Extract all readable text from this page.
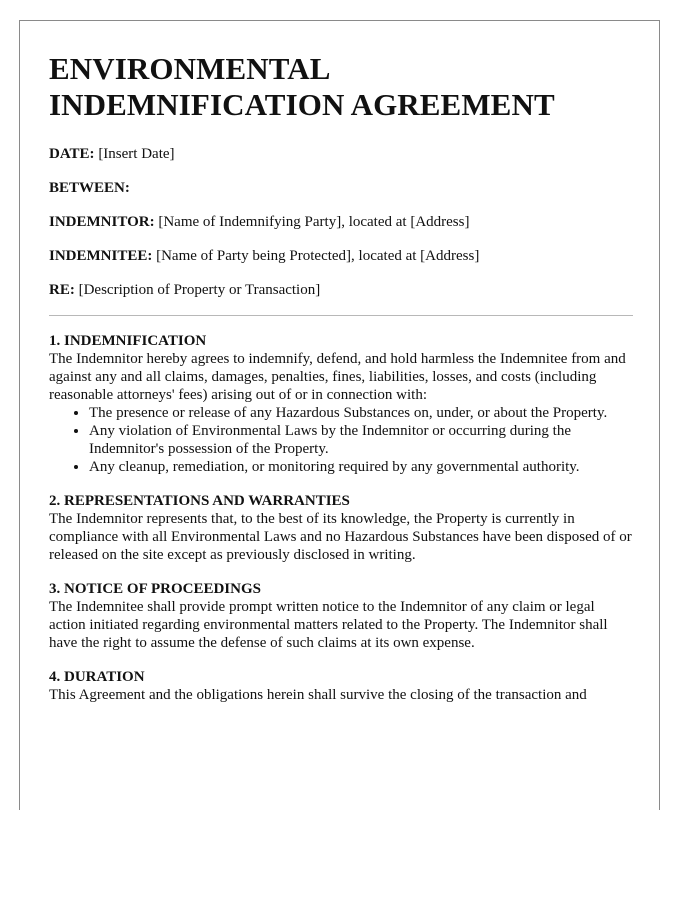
ENVIRONMENTAL
INDEMNIFICATION AGREEMENT

DATE: [Insert Date]

BETWEEN:

INDEMNITOR: [Name of Indemnifying Party], located at [Address]

INDEMNITEE: [Name of Party being Protected], located at [Address]

RE: [Description of Property or Transaction]

1. INDEMNIFICATION

The Indemnitor hereby agrees to indemnify, defend, and hold harmless the Indemnitee from and against any and all claims, damages, penalties, fines, liabilities, losses, and costs (including reasonable attorneys' fees) arising out of or in connection with:

• The presence or release of any Hazardous Substances on, under, or about the Property.
• Any violation of Environmental Laws by the Indemnitor or occurring during the Indemnitor's possession of the Property.
• Any cleanup, remediation, or monitoring required by any governmental authority.
2. REPRESENTATIONS AND WARRANTIES

The Indemnitor represents that, to the best of its knowledge, the Property is currently in compliance with all Environmental Laws and no Hazardous Substances have been disposed of or released on the site except as previously disclosed in writing.

3. NOTICE OF PROCEEDINGS

The Indemnitee shall provide prompt written notice to the Indemnitor of any claim or legal action initiated regarding environmental matters related to the Property. The Indemnitor shall have the right to assume the defense of such claims at its own expense.

4. DURATION

This Agreement and the obligations herein shall survive the closing of the transaction and
